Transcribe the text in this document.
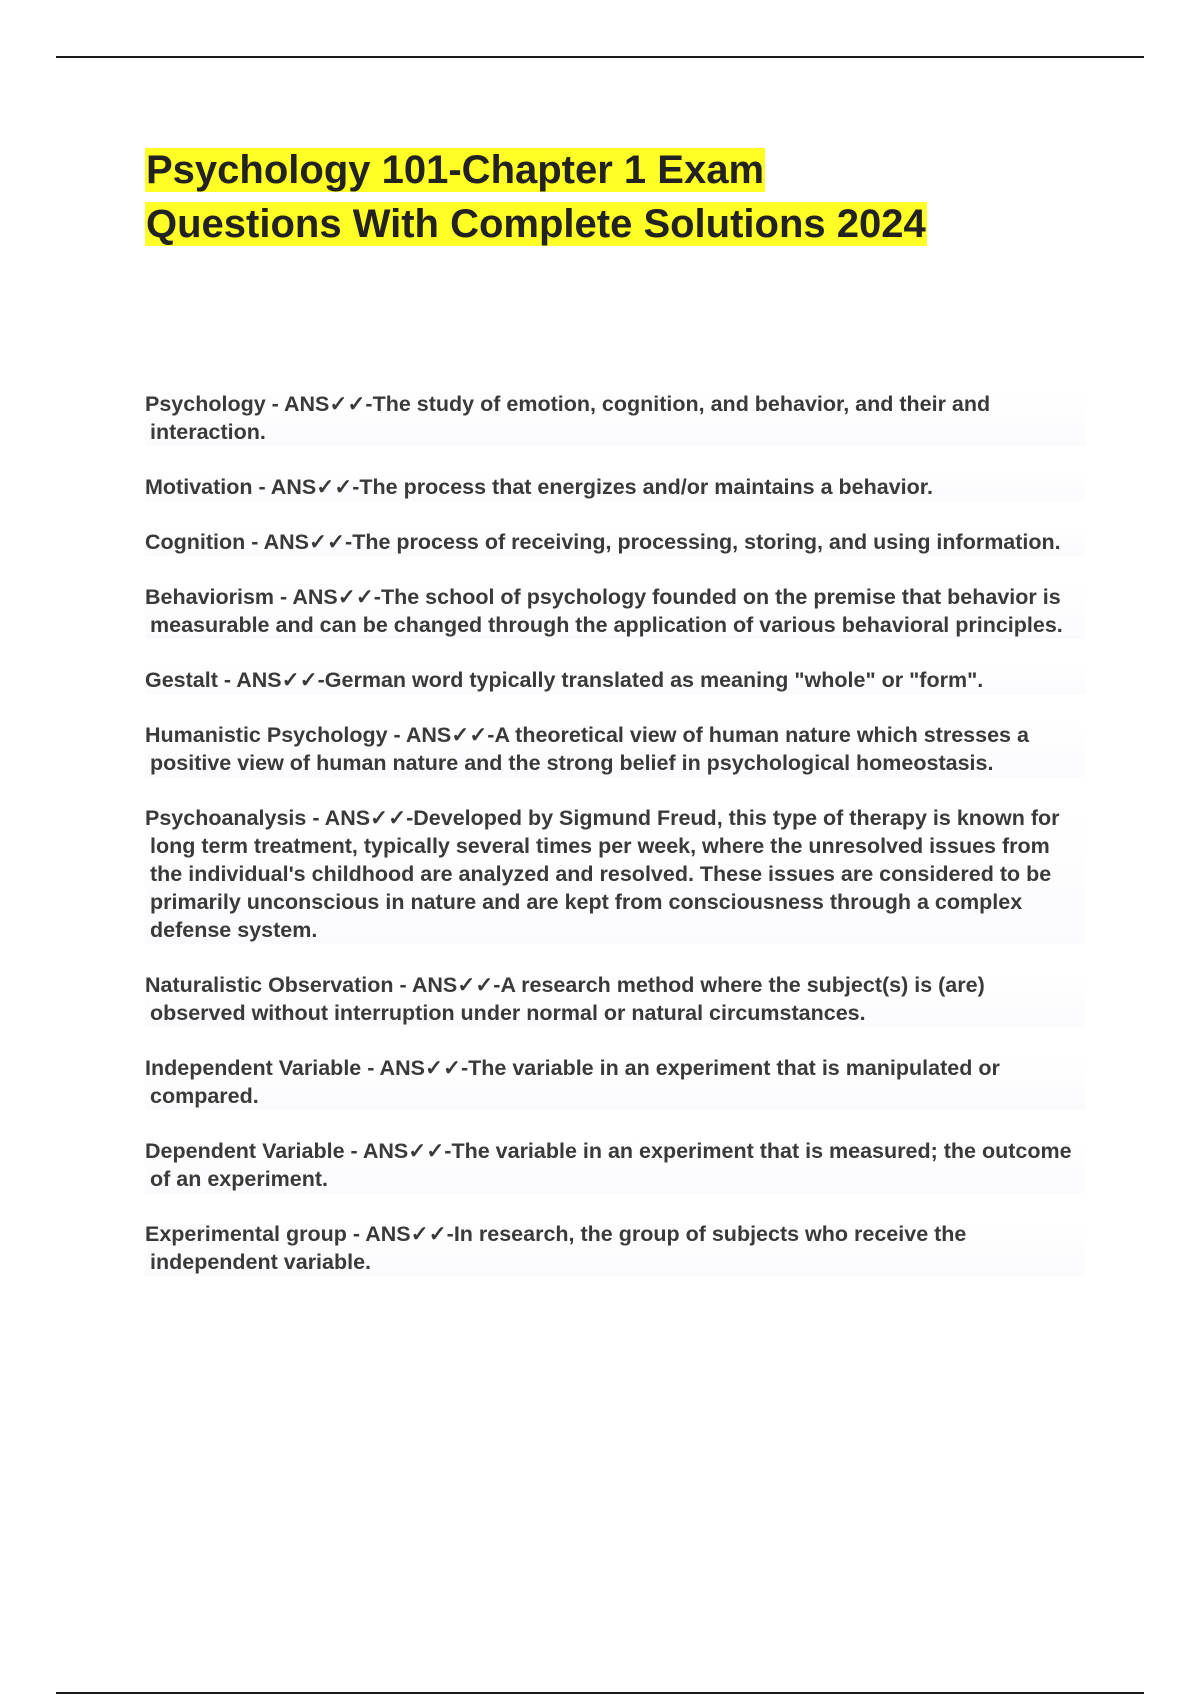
Psychology 101-Chapter 1 Exam
Questions With Complete Solutions 2024

Psychology - ANS✓✓-The study of emotion, cognition, and behavior, and their and interaction.

Motivation - ANS✓✓-The process that energizes and/or maintains a behavior.

Cognition - ANS✓✓-The process of receiving, processing, storing, and using information.

Behaviorism - ANS✓✓-The school of psychology founded on the premise that behavior is measurable and can be changed through the application of various behavioral principles.

Gestalt - ANS✓✓-German word typically translated as meaning "whole" or "form".

Humanistic Psychology - ANS✓✓-A theoretical view of human nature which stresses a positive view of human nature and the strong belief in psychological homeostasis.

Psychoanalysis - ANS✓✓-Developed by Sigmund Freud, this type of therapy is known for long term treatment, typically several times per week, where the unresolved issues from the individual's childhood are analyzed and resolved. These issues are considered to be primarily unconscious in nature and are kept from consciousness through a complex defense system.

Naturalistic Observation - ANS✓✓-A research method where the subject(s) is (are) observed without interruption under normal or natural circumstances.

Independent Variable - ANS✓✓-The variable in an experiment that is manipulated or compared.

Dependent Variable - ANS✓✓-The variable in an experiment that is measured; the outcome of an experiment.

Experimental group - ANS✓✓-In research, the group of subjects who receive the independent variable.
